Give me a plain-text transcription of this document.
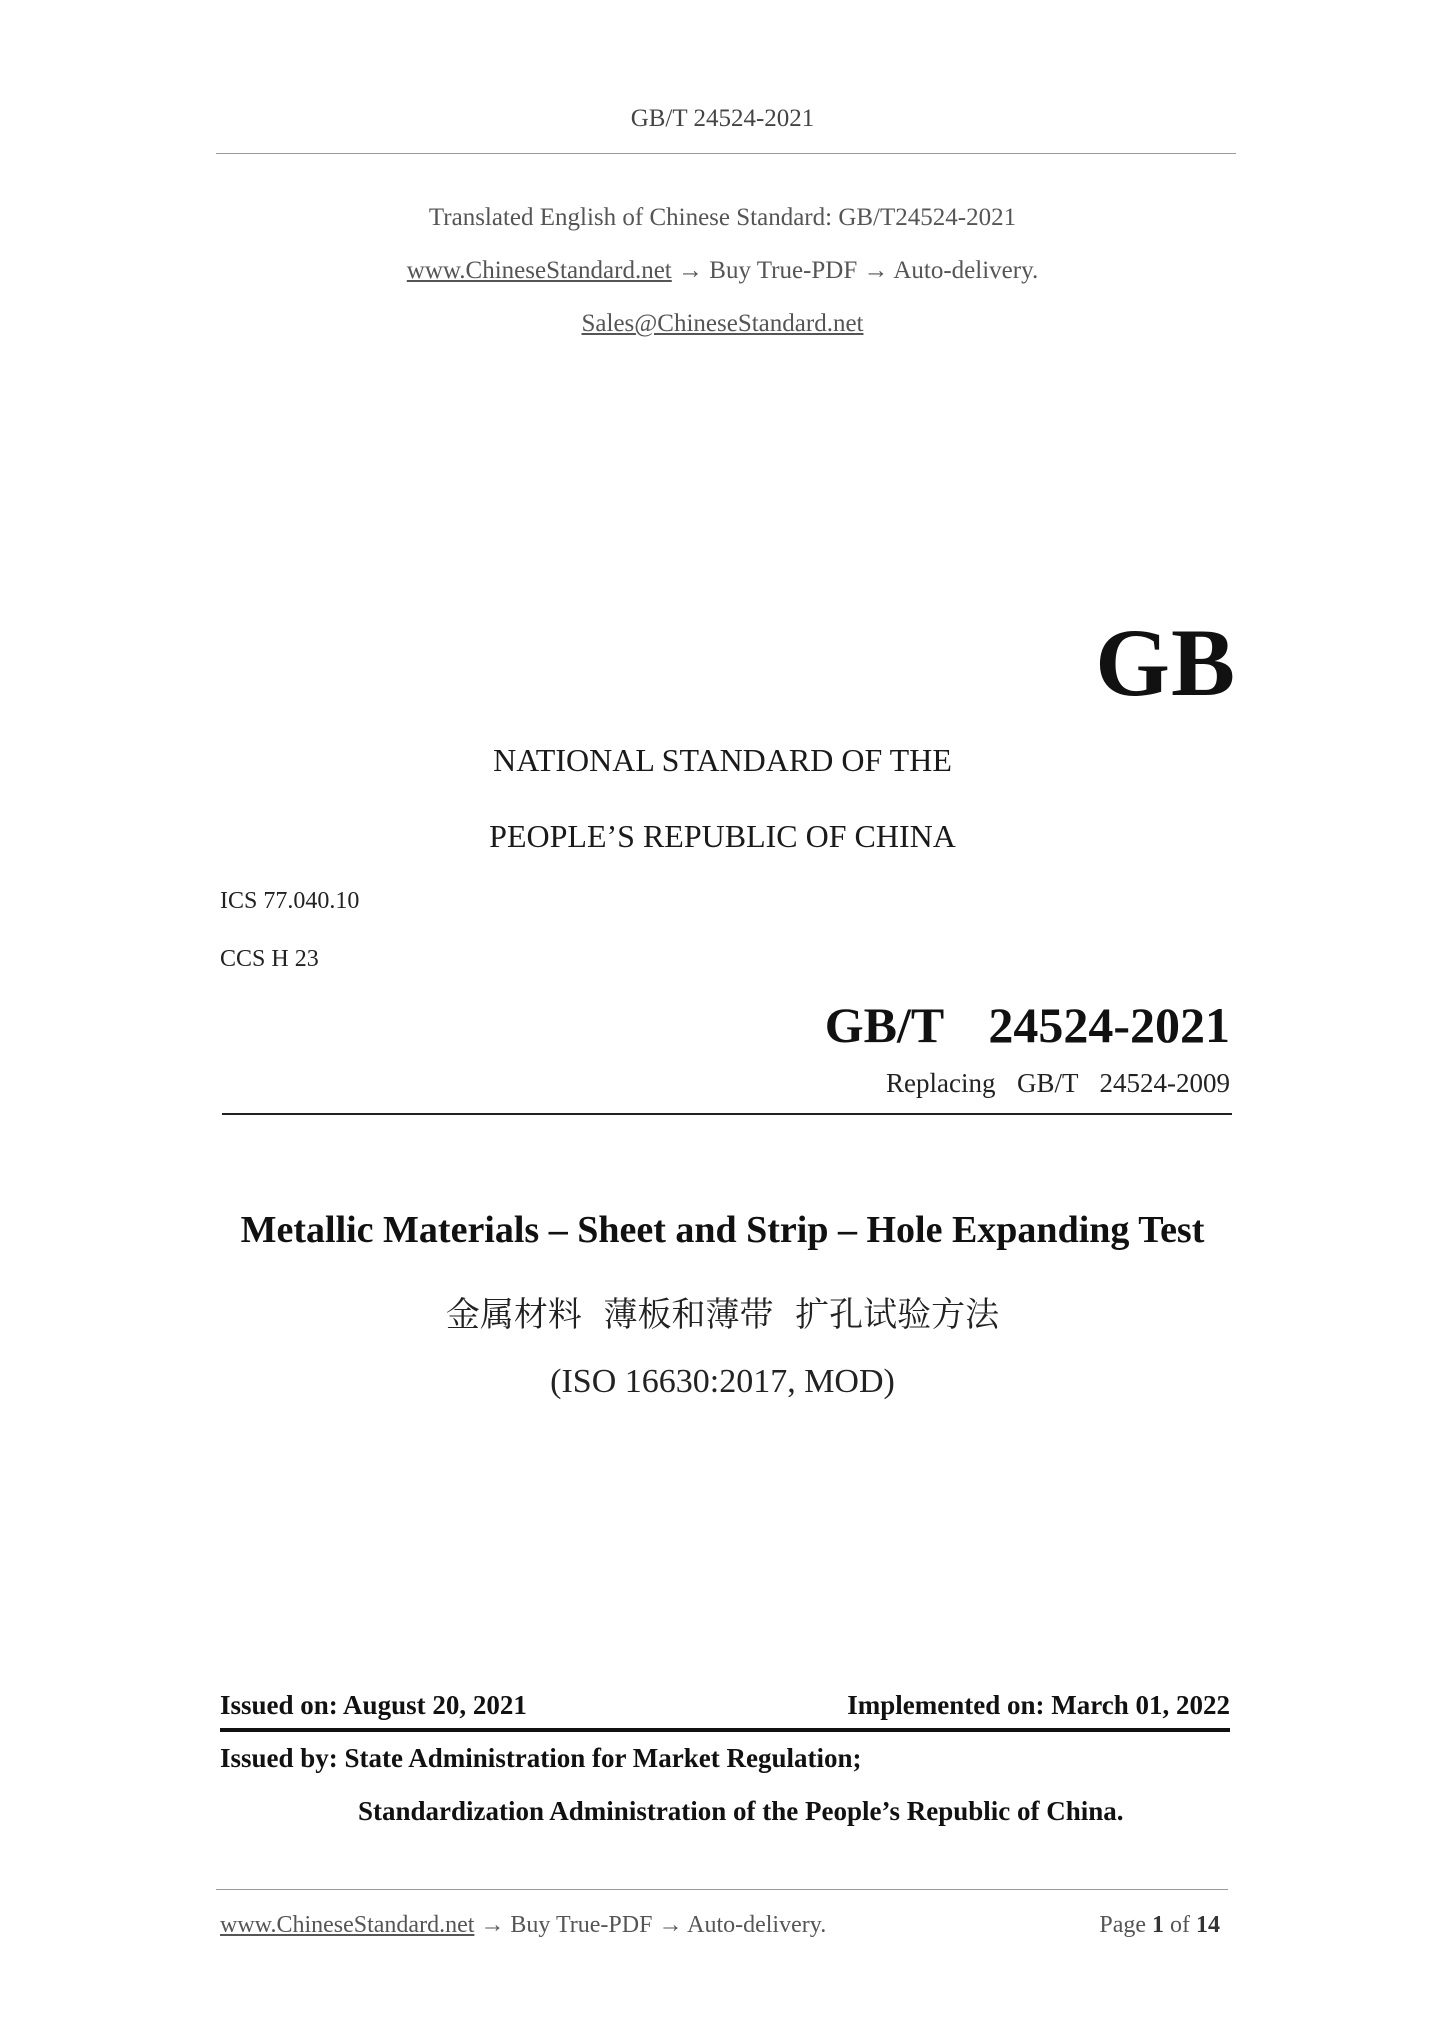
GB/T 24524-2021
Translated English of Chinese Standard: GB/T24524-2021
www.ChineseStandard.net → Buy True-PDF → Auto-delivery.
Sales@ChineseStandard.net
GB
NATIONAL STANDARD OF THE
PEOPLE’S REPUBLIC OF CHINA
ICS 77.040.10
CCS H 23
GB/T  24524-2021
Replacing  GB/T  24524-2009
Metallic Materials – Sheet and Strip – Hole Expanding Test
金属材料  薄板和薄带  扩孔试验方法
(ISO 16630:2017, MOD)
Issued on: August 20, 2021	Implemented on: March 01, 2022
Issued by: State Administration for Market Regulation;
Standardization Administration of the People’s Republic of China.
www.ChineseStandard.net → Buy True-PDF → Auto-delivery.	Page 1 of 14
